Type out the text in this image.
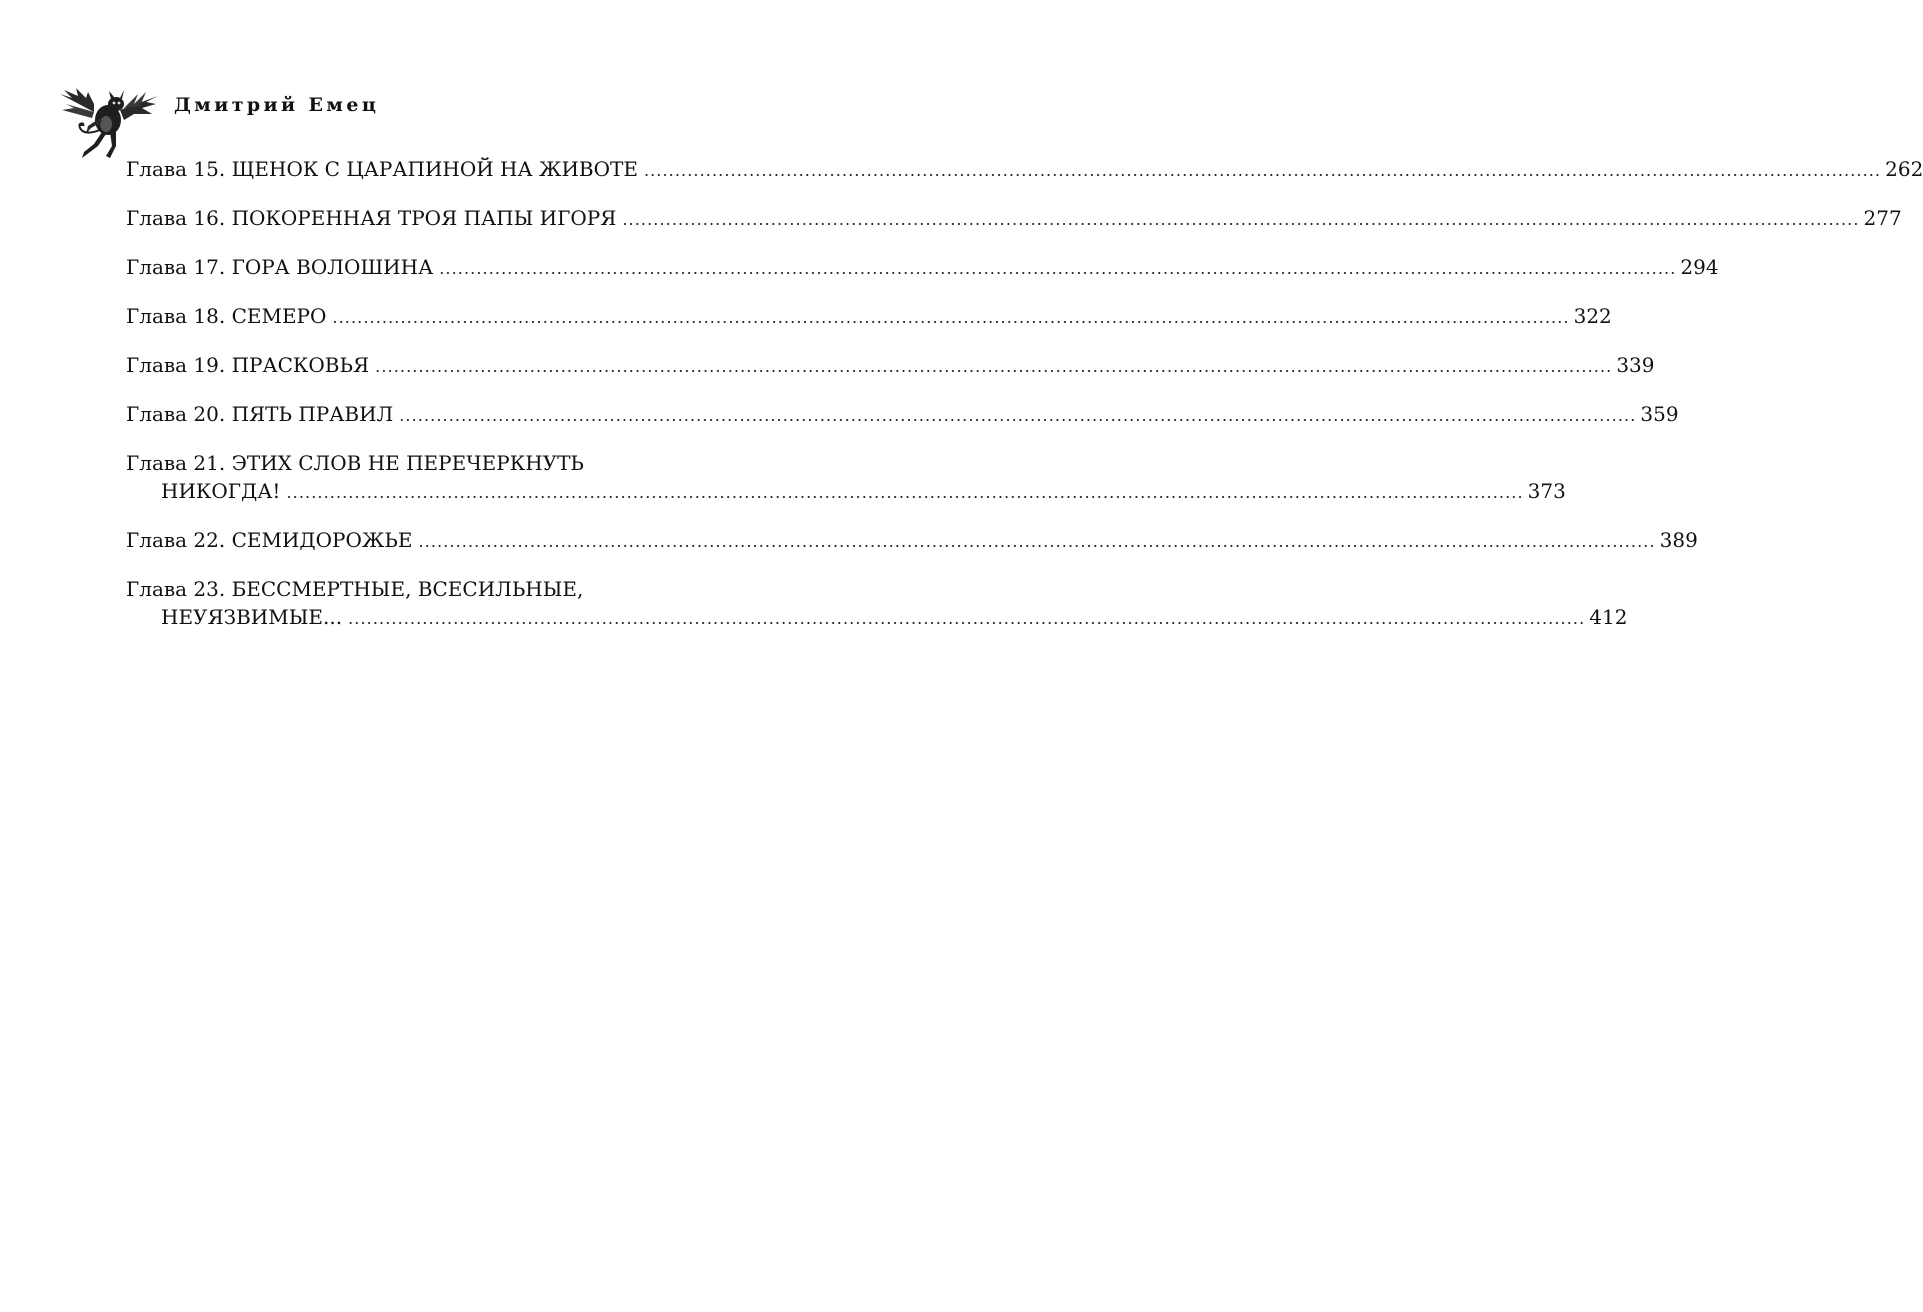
Дмитрий Емец
Глава 15. ЩЕНОК С ЦАРАПИНОЙ НА ЖИВОТЕ ........................................................................................................................................................................................................ 262
Глава 16. ПОКОРЕННАЯ ТРОЯ ПАПЫ ИГОРЯ ........................................................................................................................................................................................................ 277
Глава 17. ГОРА ВОЛОШИНА ........................................................................................................................................................................................................ 294
Глава 18. СЕМЕРО ........................................................................................................................................................................................................ 322
Глава 19. ПРАСКОВЬЯ ........................................................................................................................................................................................................ 339
Глава 20. ПЯТЬ ПРАВИЛ ........................................................................................................................................................................................................ 359
Глава 21. ЭТИХ СЛОВ НЕ ПЕРЕЧЕРКНУТЬ
НИКОГДА! ........................................................................................................................................................................................................ 373
Глава 22. СЕМИДОРОЖЬЕ ........................................................................................................................................................................................................ 389
Глава 23. БЕССМЕРТНЫЕ, ВСЕСИЛЬНЫЕ,
НЕУЯЗВИМЫЕ... ........................................................................................................................................................................................................ 412
